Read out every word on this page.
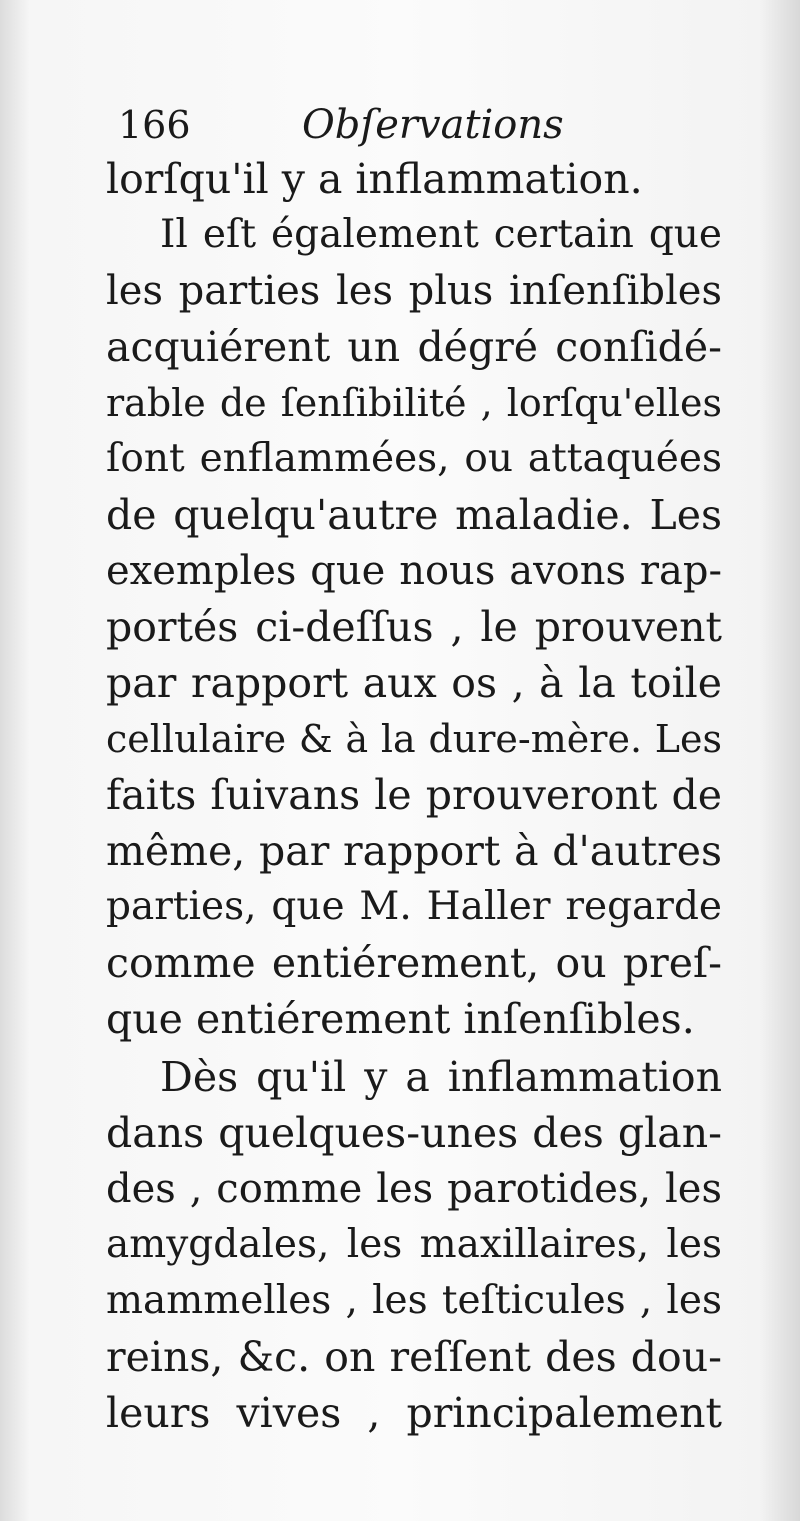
166	Obſervations
lorſqu'il y a inflammation.
Il eſt également certain que
les parties les plus inſenſibles
acquiérent un dégré conſidé-
rable de ſenſibilité , lorſqu'elles
ſont enflammées, ou attaquées
de quelqu'autre maladie. Les
exemples que nous avons rap-
portés ci-deſſus , le prouvent
par rapport aux os , à la toile
cellulaire & à la dure-mère. Les
faits ſuivans le prouveront de
même, par rapport à d'autres
parties, que M. Haller regarde
comme entiérement, ou preſ-
que entiérement inſenſibles.
Dès qu'il y a inflammation
dans quelques-unes des glan-
des , comme les parotides, les
amygdales, les maxillaires, les
mammelles , les teſticules , les
reins, &c. on reſſent des dou-
leurs vives , principalement
